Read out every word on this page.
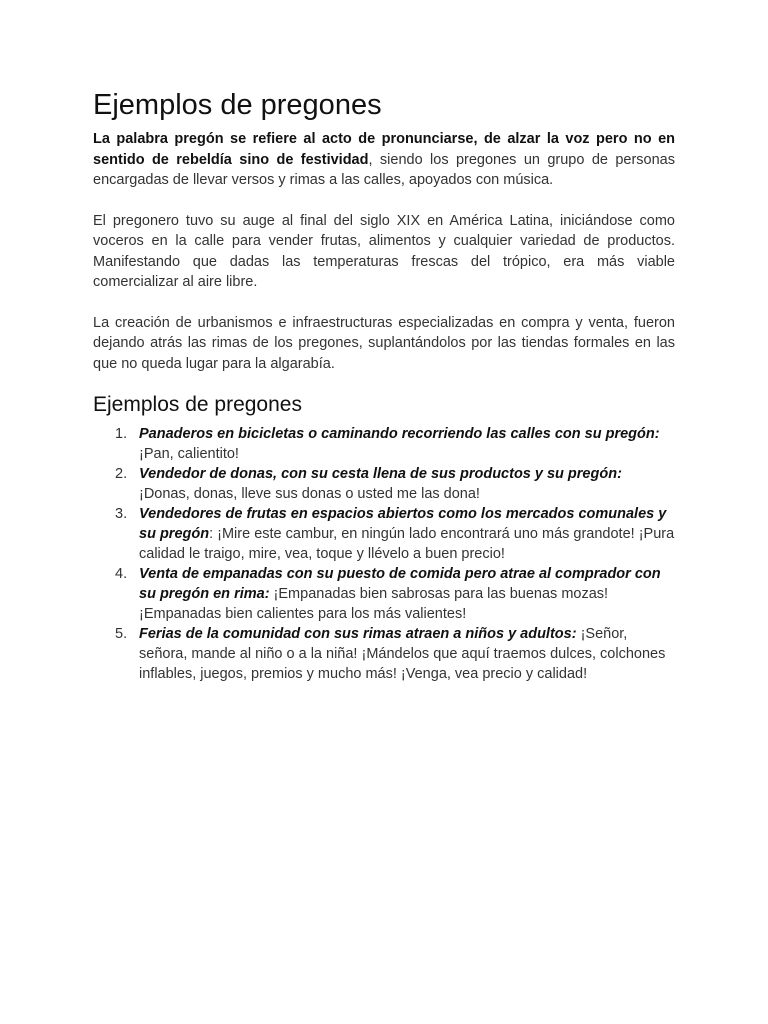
Ejemplos de pregones

La palabra pregón se refiere al acto de pronunciarse, de alzar la voz pero no en sentido de rebeldía sino de festividad, siendo los pregones un grupo de personas encargadas de llevar versos y rimas a las calles, apoyados con música.

El pregonero tuvo su auge al final del siglo XIX en América Latina, iniciándose como voceros en la calle para vender frutas, alimentos y cualquier variedad de productos. Manifestando que dadas las temperaturas frescas del trópico, era más viable comercializar al aire libre.

La creación de urbanismos e infraestructuras especializadas en compra y venta, fueron dejando atrás las rimas de los pregones, suplantándolos por las tiendas formales en las que no queda lugar para la algarabía.

Ejemplos de pregones
1. Panaderos en bicicletas o caminando recorriendo las calles con su pregón: ¡Pan, calientito!
2. Vendedor de donas, con su cesta llena de sus productos y su pregón: ¡Donas, donas, lleve sus donas o usted me las dona!
3. Vendedores de frutas en espacios abiertos como los mercados comunales y su pregón: ¡Mire este cambur, en ningún lado encontrará uno más grandote! ¡Pura calidad le traigo, mire, vea, toque y llévelo a buen precio!
4. Venta de empanadas con su puesto de comida pero atrae al comprador con su pregón en rima: ¡Empanadas bien sabrosas para las buenas mozas! ¡Empanadas bien calientes para los más valientes!
5. Ferias de la comunidad con sus rimas atraen a niños y adultos: ¡Señor, señora, mande al niño o a la niña! ¡Mándelos que aquí traemos dulces, colchones inflables, juegos, premios y mucho más! ¡Venga, vea precio y calidad!
